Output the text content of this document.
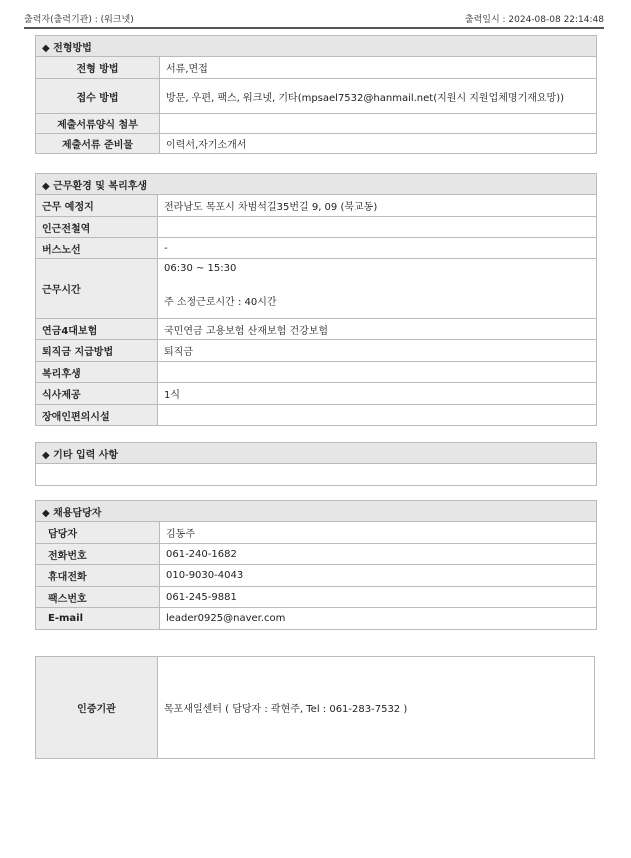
출력자(출력기관) : (워크넷)	출력일시 : 2024-08-08 22:14:48
◆ 전형방법	
전형 방법	서류,면접
접수 방법	방문, 우편, 팩스, 워크넷, 기타(mpsael7532@hanmail.net(지원시 지원업체명기재요망))
제출서류양식 첨부	
제출서류 준비물	이력서,자기소개서
◆ 근무환경 및 복리후생	
근무 예정지	전라남도 목포시 차범석길35번길 9, 09 (북교동)
인근전철역	
버스노선	-
근무시간	06:30 ~ 15:30
주 소정근로시간 : 40시간

연금4대보험	국민연금 고용보험 산재보험 건강보험
퇴직금 지급방법	퇴직금
복리후생	
식사제공	1식
장애인편의시설	
◆ 기타 입력 사항

◆ 채용담당자	
담당자	김동주
전화번호	061-240-1682
휴대전화	010-9030-4043
팩스번호	061-245-9881
E-mail	leader0925@naver.com
인증기관	목포새일센터 ( 담당자 : 곽현주, Tel : 061-283-7532 )
